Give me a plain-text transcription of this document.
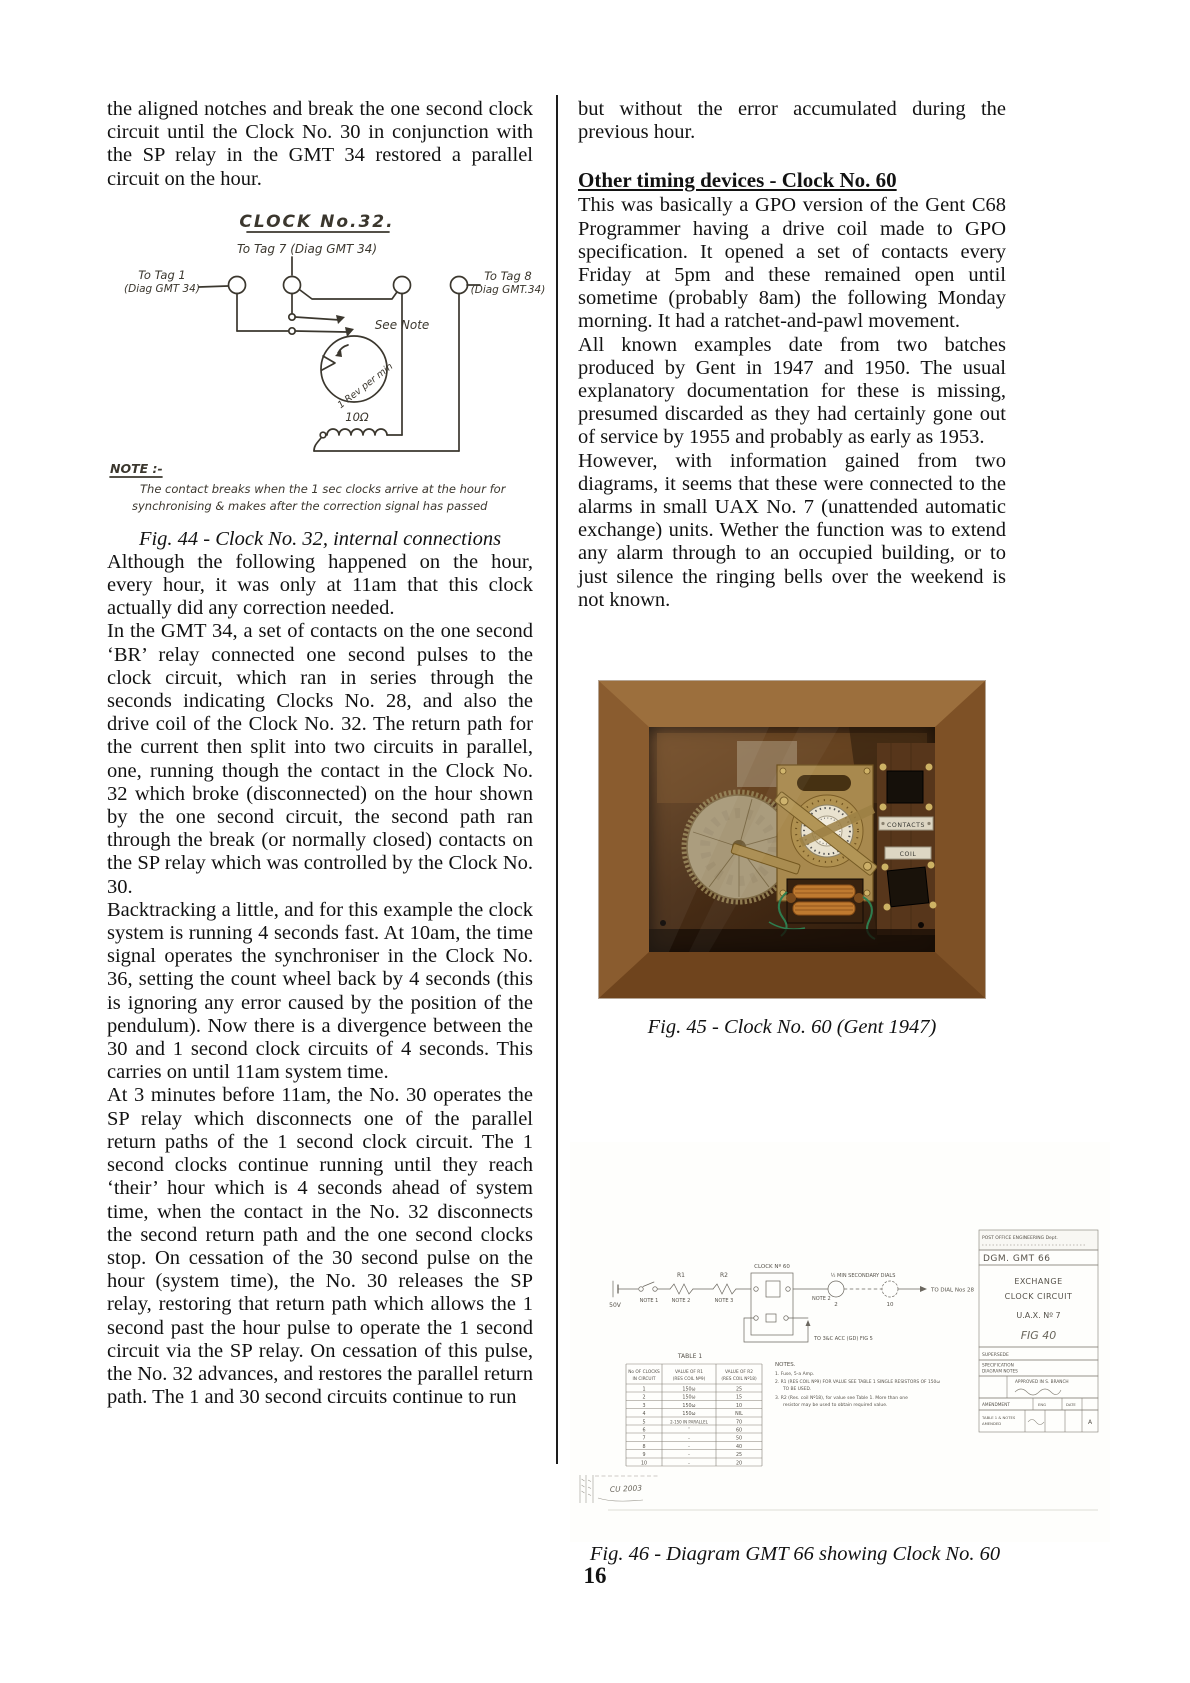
the aligned notches and break the one second clock circuit until the Clock No. 30 in conjunction with the SP relay in the GMT 34 restored a parallel circuit on the hour.

CLOCK No.32.
To Tag 7 (Diag GMT 34)
1 Rev per min
See Note
10Ω
To Tag 1
(Diag GMT 34)
To Tag 8
(Diag GMT.34)
NOTE :-
The contact breaks when the 1 sec clocks arrive at the hour for
synchronising & makes after the correction signal has passed
Fig. 44 - Clock No. 32, internal connections

Although the following happened on the hour, every hour, it was only at 11am that this clock actually did any correction needed.

In the GMT 34, a set of contacts on the one second ‘BR’ relay connected one second pulses to the clock circuit, which ran in series through the seconds indicating Clocks No. 28, and also the drive coil of the Clock No. 32. The return path for the current then split into two circuits in parallel, one, running though the contact in the Clock No. 32 which broke (disconnected) on the hour shown by the one second circuit, the second path ran through the break (or normally closed) contacts on the SP relay which was controlled by the Clock No. 30.

Backtracking a little, and for this example the clock system is running 4 seconds fast. At 10am, the time signal operates the synchroniser in the Clock No. 36, setting the count wheel back by 4 seconds (this is ignoring any error caused by the position of the pendulum). Now there is a divergence between the 30 and 1 second clock circuits of 4 seconds. This carries on until 11am system time.

At 3 minutes before 11am, the No. 30 operates the SP relay which disconnects one of the parallel return paths of the 1 second clock circuit. The 1 second clocks continue running until they reach ‘their’ hour which is 4 seconds ahead of system time, when the contact in the No. 32 disconnects the second return path and the one second clocks stop. On cessation of the 30 second pulse on the hour (system time), the No. 30 releases the SP relay, restoring that return path which allows the 1 second past the hour pulse to operate the 1 second circuit via the SP relay. On cessation of this pulse, the No. 32 advances, and restores the parallel return path. The 1 and 30 second circuits continue to run

but without the error accumulated during the previous hour.

Other timing devices - Clock No. 60

This was basically a GPO version of the Gent C68 Programmer having a drive coil made to GPO specification. It opened a set of contacts every Friday at 5pm and these remained open until sometime (probably 8am) the following Monday morning. It had a ratchet-and-pawl movement.

All known examples date from two batches produced by Gent in 1947 and 1950. The usual explanatory documentation for these is missing, presumed discarded as they had certainly gone out of service by 1955 and probably as early as 1953.

However, with information gained from two diagrams, it seems that these were connected to the alarms in small UAX No. 7 (unattended automatic exchange) units. Wether the function was to extend any alarm through to an occupied building, or to just silence the ringing bells over the weekend is not known.

CONTACTS
COIL
Fig. 45 - Clock No. 60 (Gent 1947)
50V
NOTE 1
R1
NOTE 2
R2
NOTE 3
CLOCK Nº 60
TO 3&C ACC (GD) FIG 5
NOTE 2
½ MIN SECONDARY DIALS
2	10
TO DIAL Nos 28
POST OFFICE ENGINEERING Dept.
DGM. GMT 66
EXCHANGE
CLOCK CIRCUIT
U.A.X. Nº 7
FIG 40
SUPERSEDE
SPECIFICATION
DIAGRAM NOTES
APPROVED IN S. BRANCH
AMENDMENT	ENG	DATE
TABLE 1 & NOTES
AMENDED	A
TABLE 1
No OF CLOCKS
IN CIRCUIT
VALUE OF R1
(RES COIL Nº9)
VALUE OF R2
(RES COIL Nº18)
1	150ω	25
2	150ω	15
3	150ω	10
4	150ω	NIL
5	2-150 IN PARALLEL	70
6	″	60
7	-	50
8	-	40
9	-	25
10	-	20
NOTES.
1. Fuse, 5-a Amp.
2. R1 (RES COIL Nº9) FOR VALUE SEE TABLE 1 SINGLE RESISTORS OF 150ω
TO BE USED.
3. R2 (Res. coil Nº18), for value see Table 1. More than one
resistor may be used to obtain required value.
CU 2003
Fig. 46 - Diagram GMT 66 showing Clock No. 60
16
